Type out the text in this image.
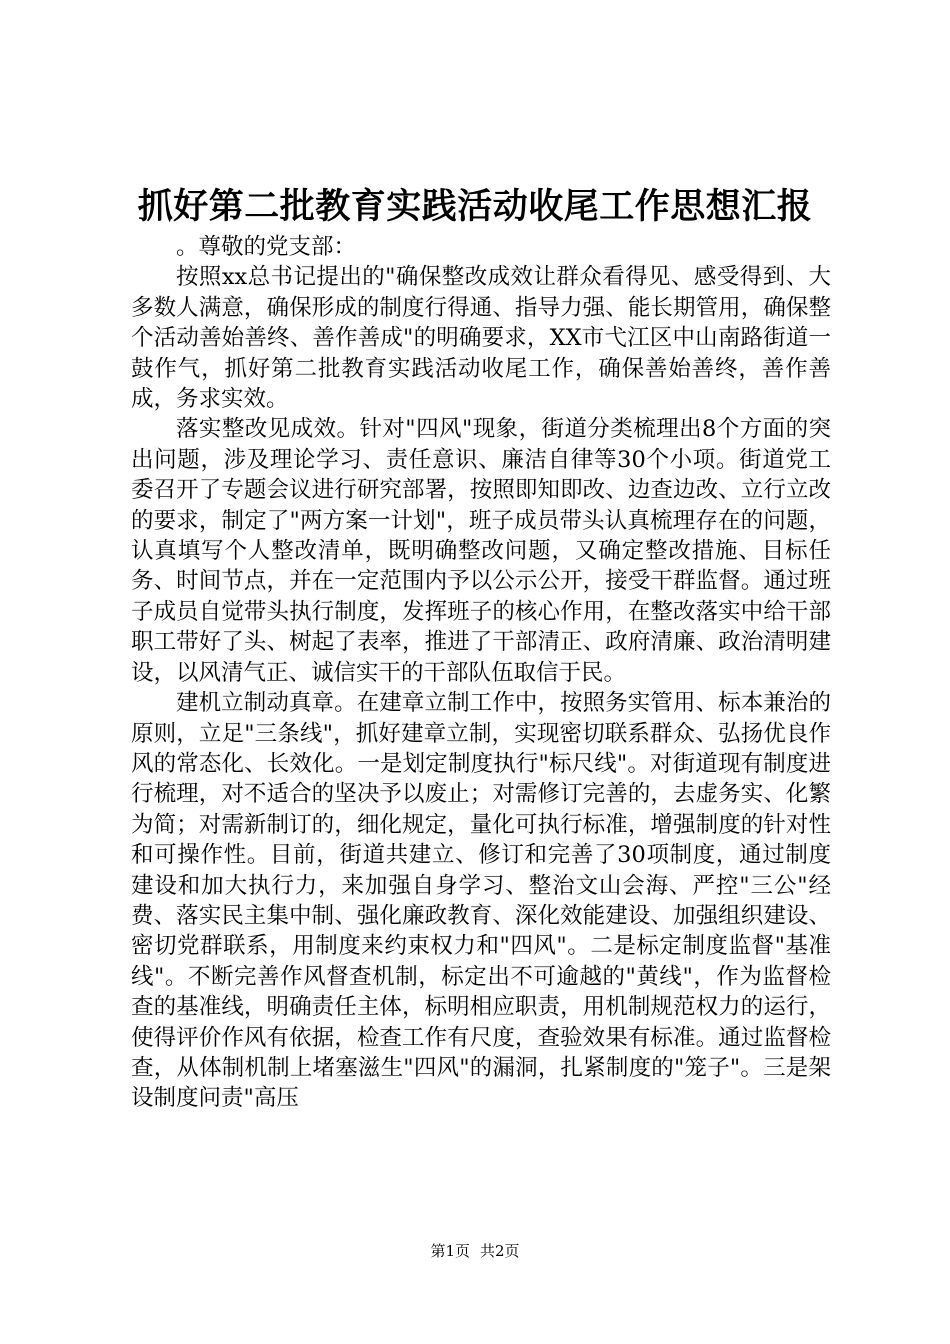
抓好第二批教育实践活动收尾工作思想汇报

。尊敬的党支部：

按照xx总书记提出的"确保整改成效让群众看得见、感受得到、大多数人满意，确保形成的制度行得通、指导力强、能长期管用，确保整个活动善始善终、善作善成"的明确要求，XX市弋江区中山南路街道一鼓作气，抓好第二批教育实践活动收尾工作，确保善始善终，善作善成，务求实效。

落实整改见成效。针对"四风"现象，街道分类梳理出8个方面的突出问题，涉及理论学习、责任意识、廉洁自律等30个小项。街道党工委召开了专题会议进行研究部署，按照即知即改、边查边改、立行立改的要求，制定了"两方案一计划"，班子成员带头认真梳理存在的问题，认真填写个人整改清单，既明确整改问题，又确定整改措施、目标任务、时间节点，并在一定范围内予以公示公开，接受干群监督。通过班子成员自觉带头执行制度，发挥班子的核心作用，在整改落实中给干部职工带好了头、树起了表率，推进了干部清正、政府清廉、政治清明建设，以风清气正、诚信实干的干部队伍取信于民。

建机立制动真章。在建章立制工作中，按照务实管用、标本兼治的原则，立足"三条线"，抓好建章立制，实现密切联系群众、弘扬优良作风的常态化、长效化。一是划定制度执行"标尺线"。对街道现有制度进行梳理，对不适合的坚决予以废止；对需修订完善的，去虚务实、化繁为简；对需新制订的，细化规定，量化可执行标准，增强制度的针对性和可操作性。目前，街道共建立、修订和完善了30项制度，通过制度建设和加大执行力，来加强自身学习、整治文山会海、严控"三公"经费、落实民主集中制、强化廉政教育、深化效能建设、加强组织建设、密切党群联系，用制度来约束权力和"四风"。二是标定制度监督"基准线"。不断完善作风督查机制，标定出不可逾越的"黄线"，作为监督检查的基准线，明确责任主体，标明相应职责，用机制规范权力的运行，使得评价作风有依据，检查工作有尺度，查验效果有标准。通过监督检查，从体制机制上堵塞滋生"四风"的漏洞，扎紧制度的"笼子"。三是架设制度问责"高压

第1页 共2页
